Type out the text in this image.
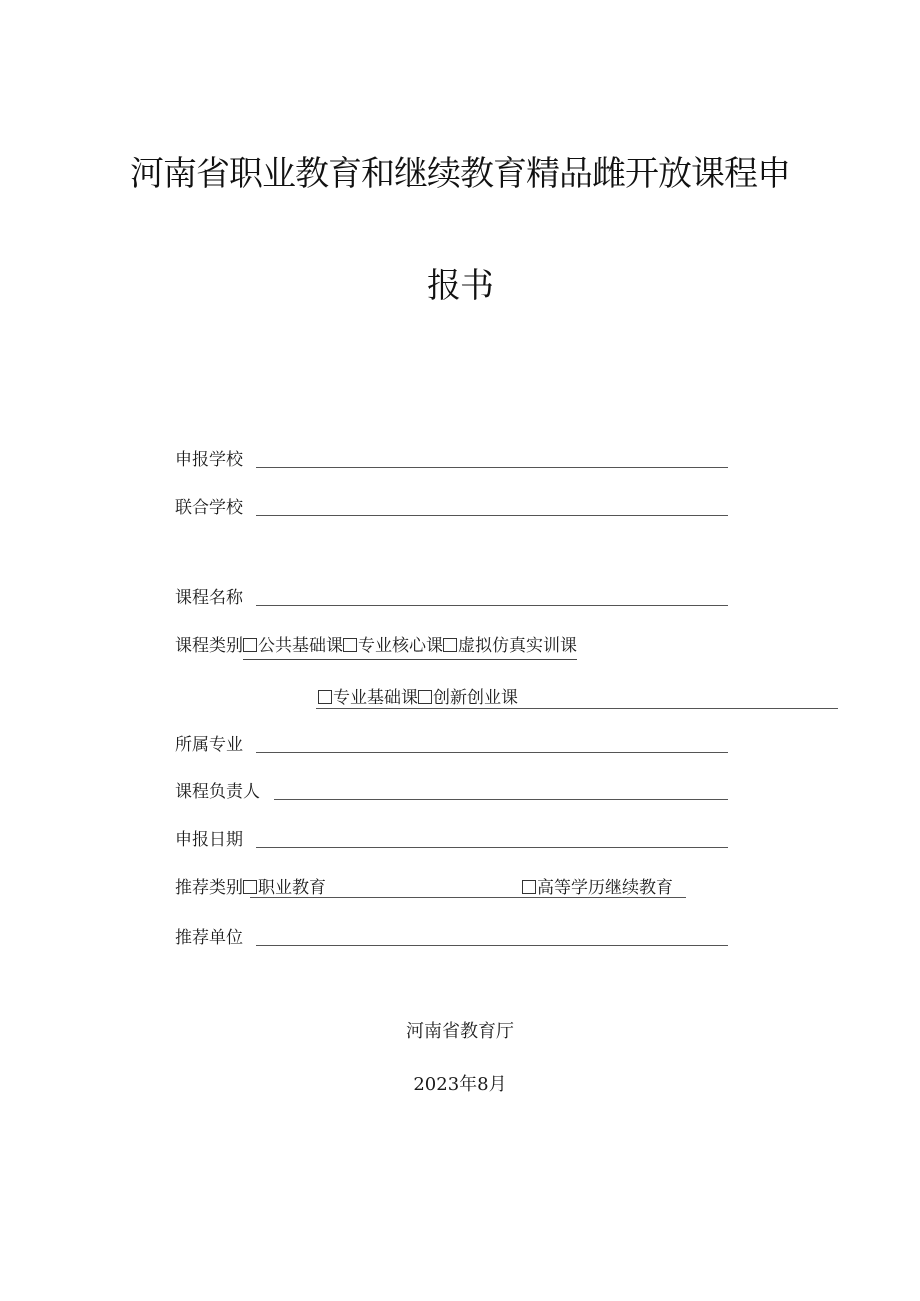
河南省职业教育和继续教育精品雌开放课程申
报书
申报学校
联合学校
课程名称
课程类别 公共基础课 专业核心课 虚拟仿真实训课
专业基础课 创新创业课
所属专业
课程负责人
申报日期
推荐类别 职业教育	高等学历继续教育
推荐单位
河南省教育厅
2023年8月
